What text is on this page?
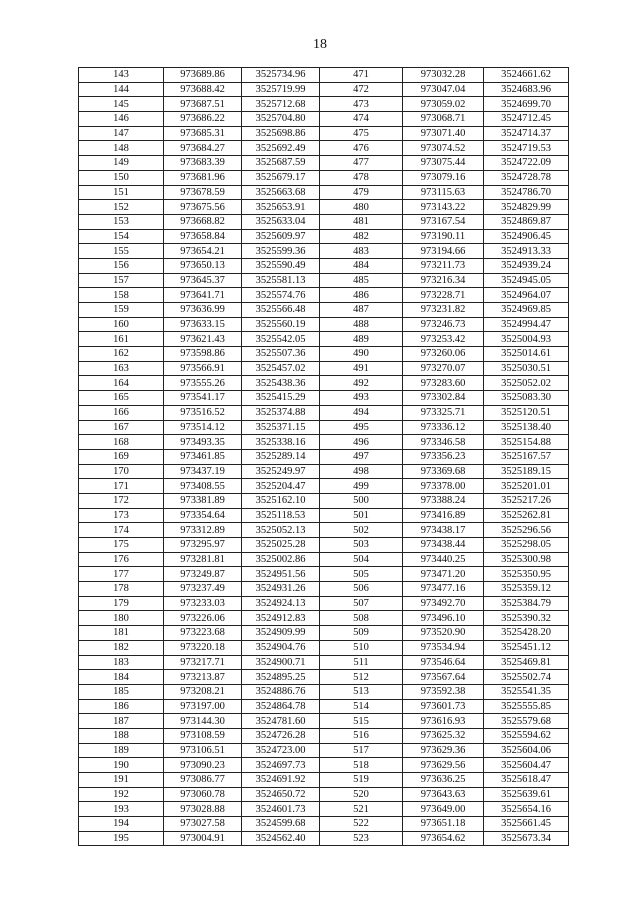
18
143	973689.86	3525734.96	471	973032.28	3524661.62
144	973688.42	3525719.99	472	973047.04	3524683.96
145	973687.51	3525712.68	473	973059.02	3524699.70
146	973686.22	3525704.80	474	973068.71	3524712.45
147	973685.31	3525698.86	475	973071.40	3524714.37
148	973684.27	3525692.49	476	973074.52	3524719.53
149	973683.39	3525687.59	477	973075.44	3524722.09
150	973681.96	3525679.17	478	973079.16	3524728.78
151	973678.59	3525663.68	479	973115.63	3524786.70
152	973675.56	3525653.91	480	973143.22	3524829.99
153	973668.82	3525633.04	481	973167.54	3524869.87
154	973658.84	3525609.97	482	973190.11	3524906.45
155	973654.21	3525599.36	483	973194.66	3524913.33
156	973650.13	3525590.49	484	973211.73	3524939.24
157	973645.37	3525581.13	485	973216.34	3524945.05
158	973641.71	3525574.76	486	973228.71	3524964.07
159	973636.99	3525566.48	487	973231.82	3524969.85
160	973633.15	3525560.19	488	973246.73	3524994.47
161	973621.43	3525542.05	489	973253.42	3525004.93
162	973598.86	3525507.36	490	973260.06	3525014.61
163	973566.91	3525457.02	491	973270.07	3525030.51
164	973555.26	3525438.36	492	973283.60	3525052.02
165	973541.17	3525415.29	493	973302.84	3525083.30
166	973516.52	3525374.88	494	973325.71	3525120.51
167	973514.12	3525371.15	495	973336.12	3525138.40
168	973493.35	3525338.16	496	973346.58	3525154.88
169	973461.85	3525289.14	497	973356.23	3525167.57
170	973437.19	3525249.97	498	973369.68	3525189.15
171	973408.55	3525204.47	499	973378.00	3525201.01
172	973381.89	3525162.10	500	973388.24	3525217.26
173	973354.64	3525118.53	501	973416.89	3525262.81
174	973312.89	3525052.13	502	973438.17	3525296.56
175	973295.97	3525025.28	503	973438.44	3525298.05
176	973281.81	3525002.86	504	973440.25	3525300.98
177	973249.87	3524951.56	505	973471.20	3525350.95
178	973237.49	3524931.26	506	973477.16	3525359.12
179	973233.03	3524924.13	507	973492.70	3525384.79
180	973226.06	3524912.83	508	973496.10	3525390.32
181	973223.68	3524909.99	509	973520.90	3525428.20
182	973220.18	3524904.76	510	973534.94	3525451.12
183	973217.71	3524900.71	511	973546.64	3525469.81
184	973213.87	3524895.25	512	973567.64	3525502.74
185	973208.21	3524886.76	513	973592.38	3525541.35
186	973197.00	3524864.78	514	973601.73	3525555.85
187	973144.30	3524781.60	515	973616.93	3525579.68
188	973108.59	3524726.28	516	973625.32	3525594.62
189	973106.51	3524723.00	517	973629.36	3525604.06
190	973090.23	3524697.73	518	973629.56	3525604.47
191	973086.77	3524691.92	519	973636.25	3525618.47
192	973060.78	3524650.72	520	973643.63	3525639.61
193	973028.88	3524601.73	521	973649.00	3525654.16
194	973027.58	3524599.68	522	973651.18	3525661.45
195	973004.91	3524562.40	523	973654.62	3525673.34
